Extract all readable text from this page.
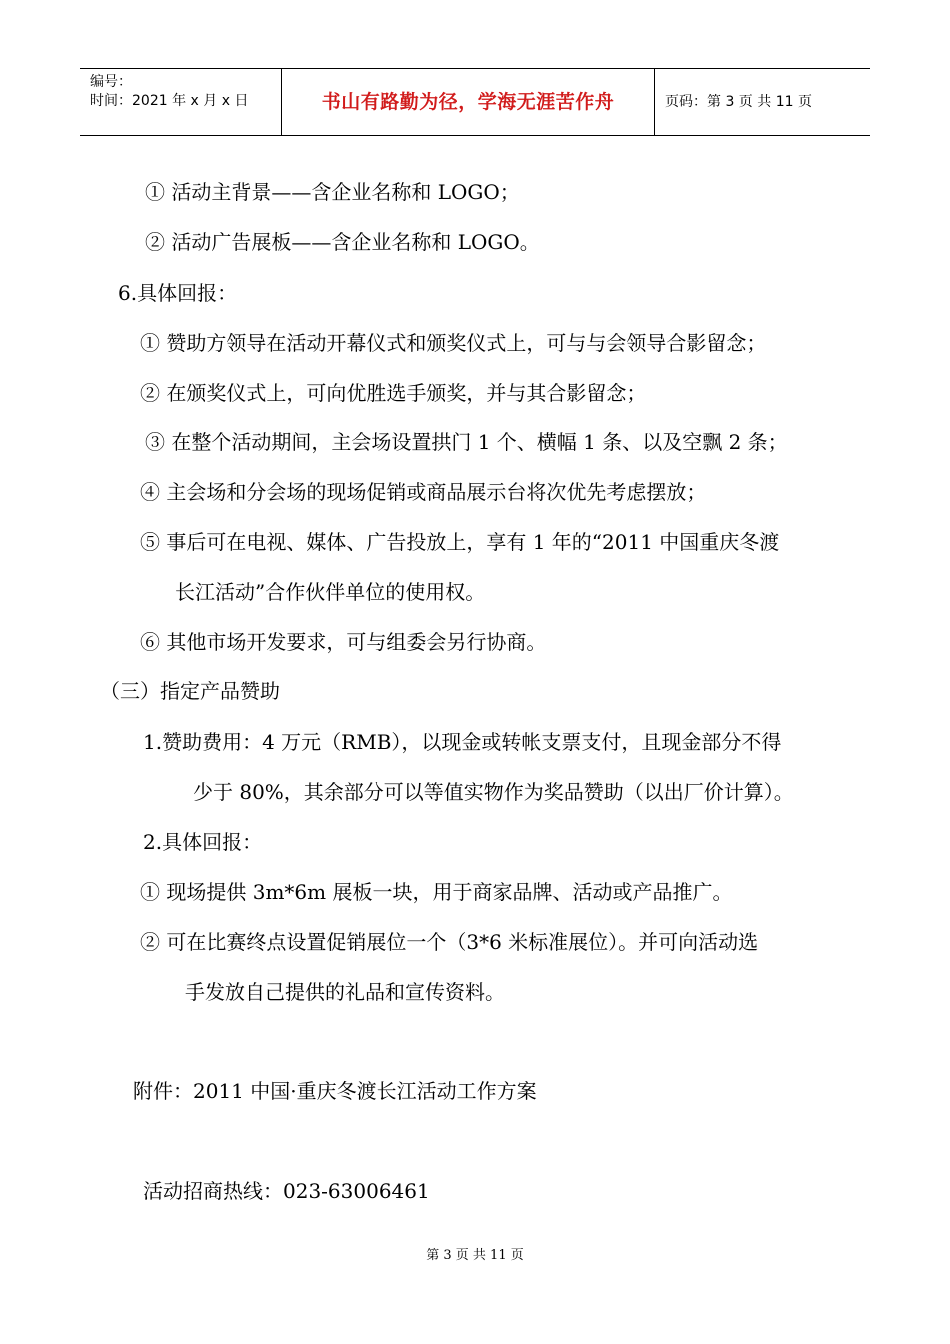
编号：
时间：2021 年 x 月 x 日	书山有路勤为径，学海无涯苦作舟	页码：第 3 页 共 11 页
① 活动主背景——含企业名称和 LOGO；
② 活动广告展板——含企业名称和 LOGO。
6.具体回报：
① 赞助方领导在活动开幕仪式和颁奖仪式上，可与与会领导合影留念；
② 在颁奖仪式上，可向优胜选手颁奖，并与其合影留念；
③ 在整个活动期间，主会场设置拱门 1 个、横幅 1 条、以及空飘 2 条；
④ 主会场和分会场的现场促销或商品展示台将次优先考虑摆放；
⑤ 事后可在电视、媒体、广告投放上，享有 1 年的“2011 中国重庆冬渡
长江活动”合作伙伴单位的使用权。
⑥ 其他市场开发要求，可与组委会另行协商。
（三）指定产品赞助
1.赞助费用：4 万元（RMB），以现金或转帐支票支付，且现金部分不得
少于 80%，其余部分可以等值实物作为奖品赞助（以出厂价计算）。
2.具体回报：
① 现场提供 3m*6m 展板一块，用于商家品牌、活动或产品推广。
② 可在比赛终点设置促销展位一个（3*6 米标准展位）。并可向活动选
手发放自己提供的礼品和宣传资料。
附件：2011 中国·重庆冬渡长江活动工作方案
活动招商热线：023-63006461
第 3 页 共 11 页
